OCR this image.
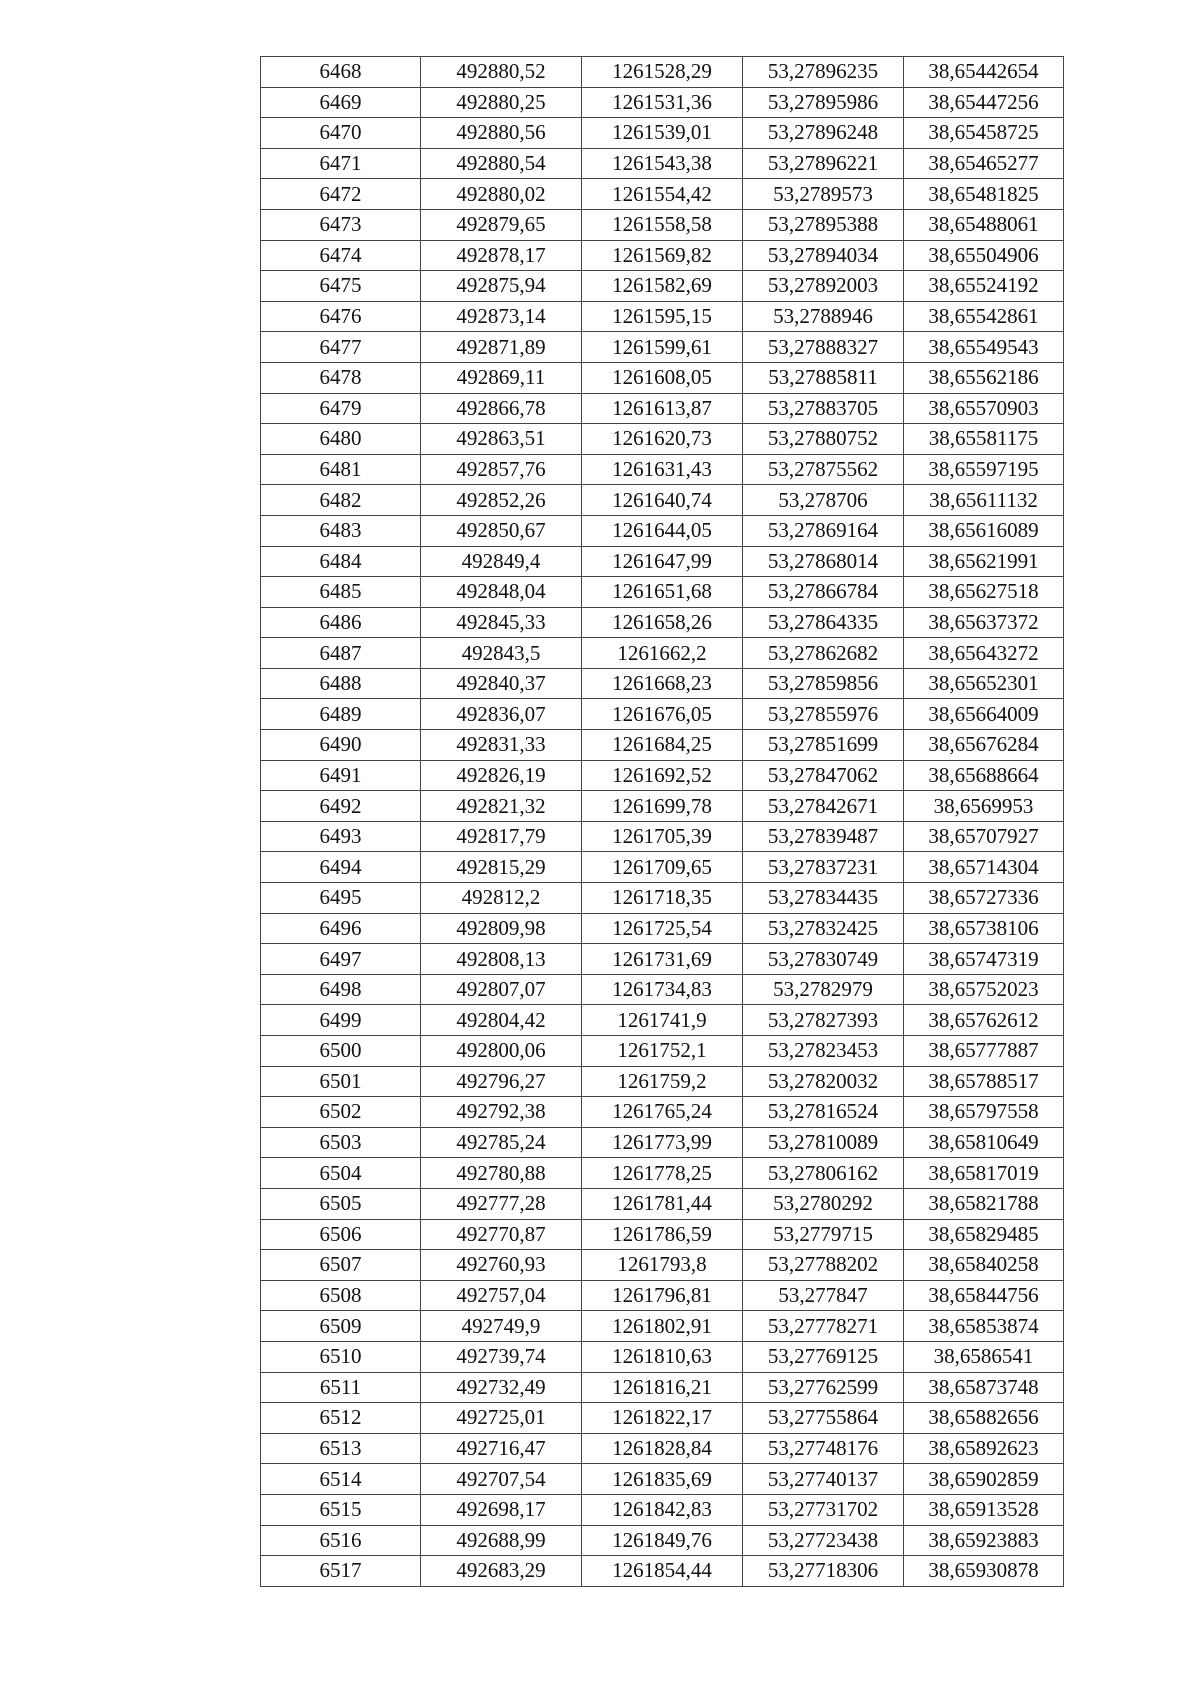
6468	492880,52	1261528,29	53,27896235	38,65442654
6469	492880,25	1261531,36	53,27895986	38,65447256
6470	492880,56	1261539,01	53,27896248	38,65458725
6471	492880,54	1261543,38	53,27896221	38,65465277
6472	492880,02	1261554,42	53,2789573	38,65481825
6473	492879,65	1261558,58	53,27895388	38,65488061
6474	492878,17	1261569,82	53,27894034	38,65504906
6475	492875,94	1261582,69	53,27892003	38,65524192
6476	492873,14	1261595,15	53,2788946	38,65542861
6477	492871,89	1261599,61	53,27888327	38,65549543
6478	492869,11	1261608,05	53,27885811	38,65562186
6479	492866,78	1261613,87	53,27883705	38,65570903
6480	492863,51	1261620,73	53,27880752	38,65581175
6481	492857,76	1261631,43	53,27875562	38,65597195
6482	492852,26	1261640,74	53,278706	38,65611132
6483	492850,67	1261644,05	53,27869164	38,65616089
6484	492849,4	1261647,99	53,27868014	38,65621991
6485	492848,04	1261651,68	53,27866784	38,65627518
6486	492845,33	1261658,26	53,27864335	38,65637372
6487	492843,5	1261662,2	53,27862682	38,65643272
6488	492840,37	1261668,23	53,27859856	38,65652301
6489	492836,07	1261676,05	53,27855976	38,65664009
6490	492831,33	1261684,25	53,27851699	38,65676284
6491	492826,19	1261692,52	53,27847062	38,65688664
6492	492821,32	1261699,78	53,27842671	38,6569953
6493	492817,79	1261705,39	53,27839487	38,65707927
6494	492815,29	1261709,65	53,27837231	38,65714304
6495	492812,2	1261718,35	53,27834435	38,65727336
6496	492809,98	1261725,54	53,27832425	38,65738106
6497	492808,13	1261731,69	53,27830749	38,65747319
6498	492807,07	1261734,83	53,2782979	38,65752023
6499	492804,42	1261741,9	53,27827393	38,65762612
6500	492800,06	1261752,1	53,27823453	38,65777887
6501	492796,27	1261759,2	53,27820032	38,65788517
6502	492792,38	1261765,24	53,27816524	38,65797558
6503	492785,24	1261773,99	53,27810089	38,65810649
6504	492780,88	1261778,25	53,27806162	38,65817019
6505	492777,28	1261781,44	53,2780292	38,65821788
6506	492770,87	1261786,59	53,2779715	38,65829485
6507	492760,93	1261793,8	53,27788202	38,65840258
6508	492757,04	1261796,81	53,277847	38,65844756
6509	492749,9	1261802,91	53,27778271	38,65853874
6510	492739,74	1261810,63	53,27769125	38,6586541
6511	492732,49	1261816,21	53,27762599	38,65873748
6512	492725,01	1261822,17	53,27755864	38,65882656
6513	492716,47	1261828,84	53,27748176	38,65892623
6514	492707,54	1261835,69	53,27740137	38,65902859
6515	492698,17	1261842,83	53,27731702	38,65913528
6516	492688,99	1261849,76	53,27723438	38,65923883
6517	492683,29	1261854,44	53,27718306	38,65930878
